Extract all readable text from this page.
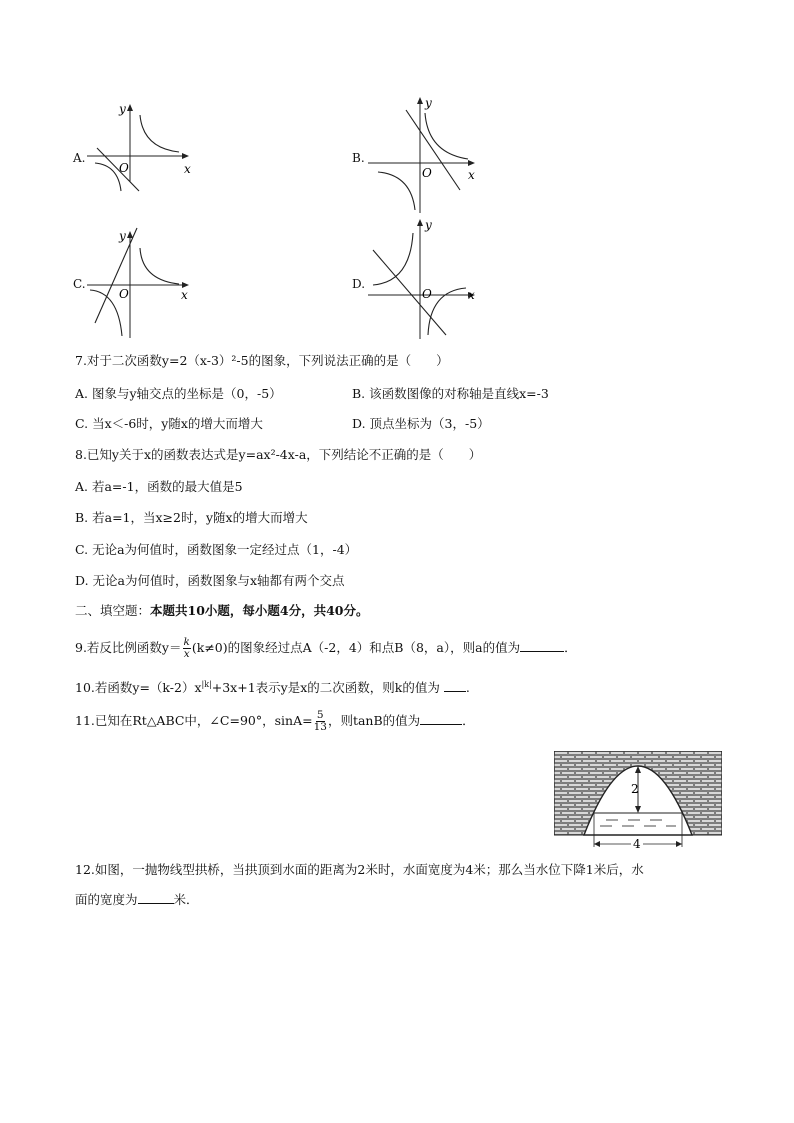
A.
x
y
O
B.
x
y
O
C.
x
y
O
D.
x
y
O
7.对于二次函数y=2（x-3）²-5的图象，下列说法正确的是（　　）
A. 图象与y轴交点的坐标是（0，-5）	B. 该函数图像的对称轴是直线x=-3
C. 当x＜-6时，y随x的增大而增大	D. 顶点坐标为（3，-5）
8.已知y关于x的函数表达式是y=ax²-4x-a，下列结论不正确的是（　　）
A. 若a=-1，函数的最大值是5
B. 若a=1，当x≥2时，y随x的增大而增大
C. 无论a为何值时，函数图象一定经过点（1，-4）
D. 无论a为何值时，函数图象与x轴都有两个交点
二、填空题：本题共10小题，每小题4分，共40分。
9.若反比例函数$y= \frac{k}{x} (k\ne 0)$的图象经过点A（-2，4）和点B（8，a），则a的值为	．
10.若函数$y=(k-2)x^{|k|}+3x+1$表示y是x的二次函数，则k的值为 .
11.已知在Rt△ABC中，∠C=90°，$\sin A= \frac{5}{13}$ ，则tanB的值为	．
2
4
12.如图，一抛物线型拱桥，当拱顶到水面的距离为2米时，水面宽度为4米；那么当水位下降1米后，水
面的宽度为	米．
